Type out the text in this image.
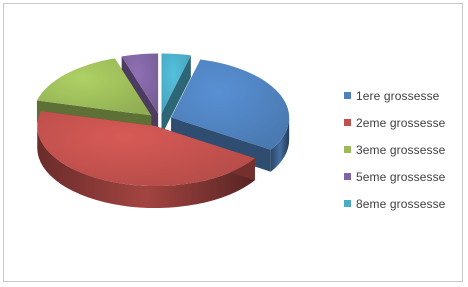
1ere grossesse
2eme grossesse
3eme grossesse
5eme grossesse
8eme grossesse
